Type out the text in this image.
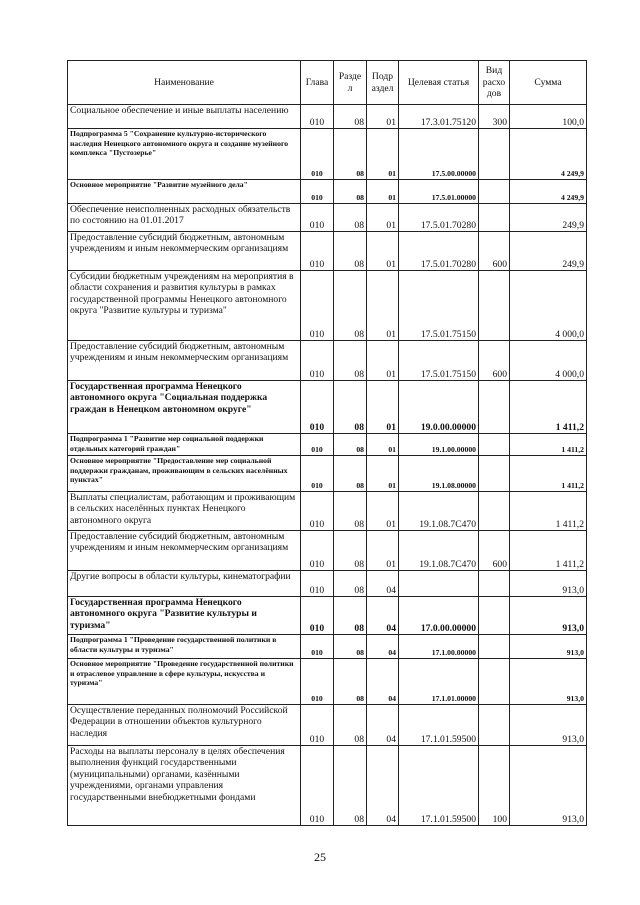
Наименование	Глава	Разде л	Подр аздел	Целевая статья	Вид расхо дов	Сумма
Социальное обеспечение и иные выплаты населению	010	08	01	17.3.01.75120	300	100,0
Подпрограмма 5 "Сохранение культурно-исторического наследия Ненецкого автономного округа и создание музейного комплекса "Пустозерье"	010	08	01	17.5.00.00000		4 249,9
Основное мероприятие "Развитие музейного дела"	010	08	01	17.5.01.00000		4 249,9
Обеспечение неисполненных расходных обязательств по состоянию на 01.01.2017	010	08	01	17.5.01.70280		249,9
Предоставление субсидий бюджетным, автономным учреждениям и иным некоммерческим организациям	010	08	01	17.5.01.70280	600	249,9
Субсидии бюджетным учреждениям на мероприятия в области сохранения и развития культуры в рамках государственной программы Ненецкого автономного округа "Развитие культуры и туризма"	010	08	01	17.5.01.75150		4 000,0
Предоставление субсидий бюджетным, автономным учреждениям и иным некоммерческим организациям	010	08	01	17.5.01.75150	600	4 000,0
Государственная программа Ненецкого автономного округа "Социальная поддержка граждан в Ненецком автономном округе"	010	08	01	19.0.00.00000		1 411,2
Подпрограмма 1 "Развитие мер социальной поддержки отдельных категорий граждан"	010	08	01	19.1.00.00000		1 411,2
Основное мероприятие "Предоставление мер социальной поддержки гражданам, проживающим в сельских населённых пунктах"	010	08	01	19.1.08.00000		1 411,2
Выплаты специалистам, работающим и проживающим в сельских населённых пунктах Ненецкого автономного округа	010	08	01	19.1.08.7C470		1 411,2
Предоставление субсидий бюджетным, автономным учреждениям и иным некоммерческим организациям	010	08	01	19.1.08.7C470	600	1 411,2
Другие вопросы в области культуры, кинематографии	010	08	04			913,0
Государственная программа Ненецкого автономного округа "Развитие культуры и туризма"	010	08	04	17.0.00.00000		913,0
Подпрограмма 1 "Проведение государственной политики в области культуры и туризма"	010	08	04	17.1.00.00000		913,0
Основное мероприятие "Проведение государственной политики и отраслевое управление в сфере культуры, искусства и туризма"	010	08	04	17.1.01.00000		913,0
Осуществление переданных полномочий Российской Федерации в отношении объектов культурного наследия	010	08	04	17.1.01.59500		913,0
Расходы на выплаты персоналу в целях обеспечения выполнения функций государственными (муниципальными) органами, казёнными учреждениями, органами управления государственными внебюджетными фондами	010	08	04	17.1.01.59500	100	913,0
25
